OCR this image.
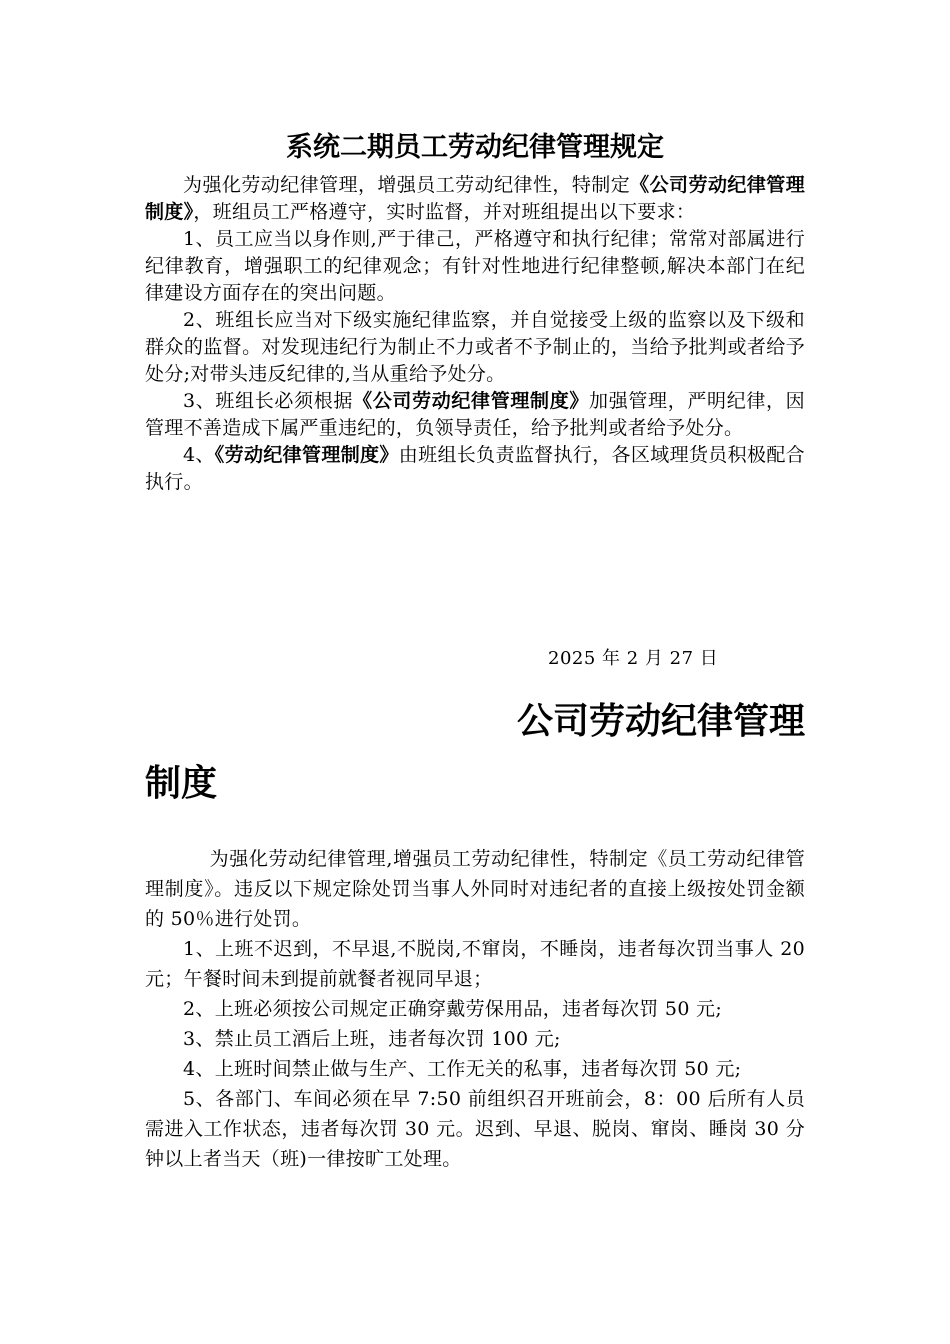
系统二期员工劳动纪律管理规定

为强化劳动纪律管理，增强员工劳动纪律性，特制定《公司劳动纪律管理制度》，班组员工严格遵守，实时监督，并对班组提出以下要求：

1、员工应当以身作则,严于律己，严格遵守和执行纪律；常常对部属进行纪律教育，增强职工的纪律观念；有针对性地进行纪律整顿,解决本部门在纪律建设方面存在的突出问题。

2、班组长应当对下级实施纪律监察，并自觉接受上级的监察以及下级和群众的监督。对发现违纪行为制止不力或者不予制止的，当给予批判或者给予处分;对带头违反纪律的,当从重给予处分。

3、班组长必须根据《公司劳动纪律管理制度》加强管理，严明纪律，因管理不善造成下属严重违纪的，负领导责任，给予批判或者给予处分。

4、《劳动纪律管理制度》由班组长负责监督执行，各区域理货员积极配合执行。

2025 年 2 月 27 日

公司劳动纪律管理
制度

为强化劳动纪律管理,增强员工劳动纪律性，特制定《员工劳动纪律管理制度》。违反以下规定除处罚当事人外同时对违纪者的直接上级按处罚金额的 50％进行处罚。

1、上班不迟到，不早退,不脱岗,不窜岗，不睡岗，违者每次罚当事人 20 元；午餐时间未到提前就餐者视同早退；

2、上班必须按公司规定正确穿戴劳保用品，违者每次罚 50 元;

3、禁止员工酒后上班，违者每次罚 100 元;

4、上班时间禁止做与生产、工作无关的私事，违者每次罚 50 元;

5、各部门、车间必须在早 7:50 前组织召开班前会，8：00 后所有人员需进入工作状态，违者每次罚 30 元。迟到、早退、脱岗、窜岗、睡岗 30 分钟以上者当天（班)一律按旷工处理。
